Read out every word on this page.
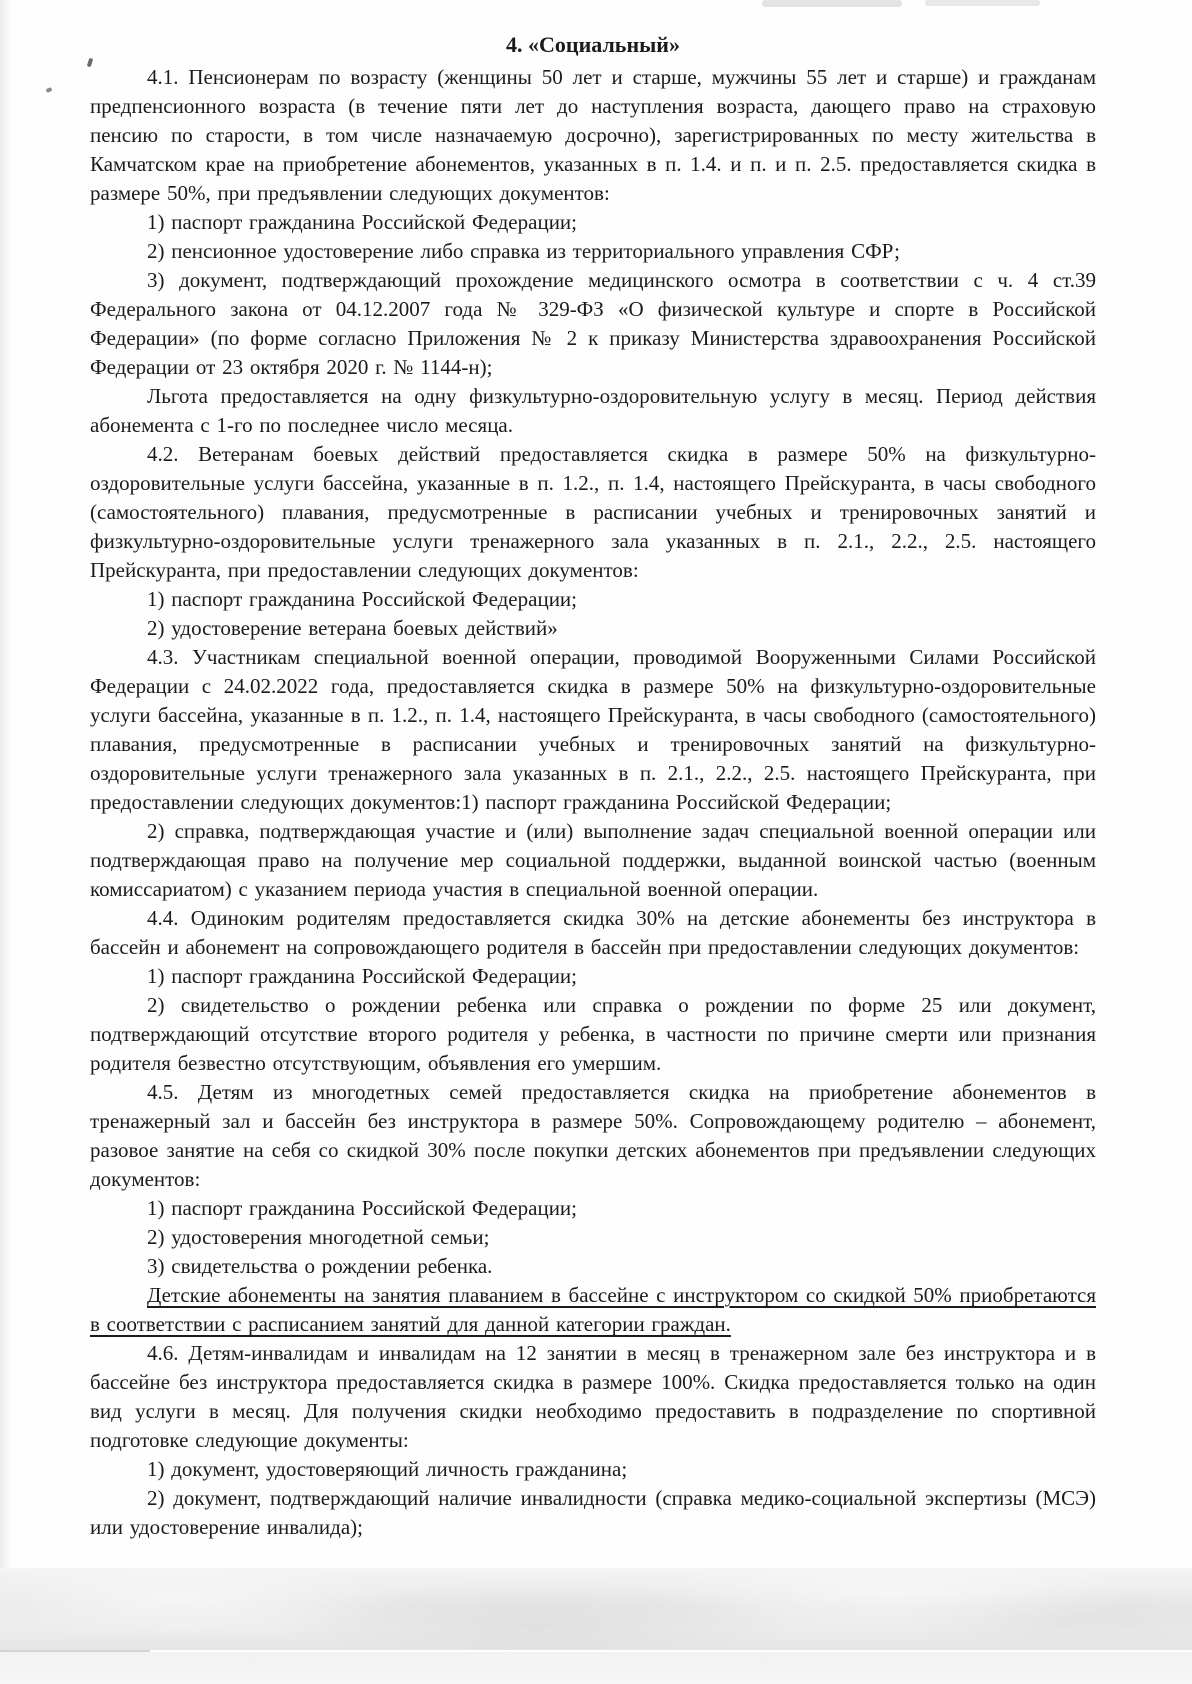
4. «Социальный»

4.1. Пенсионерам по возрасту (женщины 50 лет и старше, мужчины 55 лет и старше) и гражданам предпенсионного возраста (в течение пяти лет до наступления возраста, дающего право на страховую пенсию по старости, в том числе назначаемую досрочно), зарегистрированных по месту жительства в Камчатском крае на приобретение абонементов, указанных в п. 1.4. и п. и п. 2.5. предоставляется скидка в размере 50%, при предъявлении следующих документов:

1) паспорт гражданина Российской Федерации;

2) пенсионное удостоверение либо справка из территориального управления СФР;

3) документ, подтверждающий прохождение медицинского осмотра в соответствии с ч. 4 ст.39 Федерального закона от 04.12.2007 года № 329-ФЗ «О физической культуре и спорте в Российской Федерации» (по форме согласно Приложения № 2 к приказу Министерства здравоохранения Российской Федерации от 23 октября 2020 г. № 1144-н);

Льгота предоставляется на одну физкультурно-оздоровительную услугу в месяц. Период действия абонемента с 1-го по последнее число месяца.

4.2. Ветеранам боевых действий предоставляется скидка в размере 50% на физкультурно-оздоровительные услуги бассейна, указанные в п. 1.2., п. 1.4, настоящего Прейскуранта, в часы свободного (самостоятельного) плавания, предусмотренные в расписании учебных и тренировочных занятий и физкультурно-оздоровительные услуги тренажерного зала указанных в п. 2.1., 2.2., 2.5. настоящего Прейскуранта, при предоставлении следующих документов:

1) паспорт гражданина Российской Федерации;

2) удостоверение ветерана боевых действий»

4.3. Участникам специальной военной операции, проводимой Вооруженными Силами Российской Федерации с 24.02.2022 года, предоставляется скидка в размере 50% на физкультурно-оздоровительные услуги бассейна, указанные в п. 1.2., п. 1.4, настоящего Прейскуранта, в часы свободного (самостоятельного) плавания, предусмотренные в расписании учебных и тренировочных занятий на физкультурно-оздоровительные услуги тренажерного зала указанных в п. 2.1., 2.2., 2.5. настоящего Прейскуранта, при предоставлении следующих документов:1) паспорт гражданина Российской Федерации;

2) справка, подтверждающая участие и (или) выполнение задач специальной военной операции или подтверждающая право на получение мер социальной поддержки, выданной воинской частью (военным комиссариатом) с указанием периода участия в специальной военной операции.

4.4. Одиноким родителям предоставляется скидка 30% на детские абонементы без инструктора в бассейн и абонемент на сопровождающего родителя в бассейн при предоставлении следующих документов:

1) паспорт гражданина Российской Федерации;

2) свидетельство о рождении ребенка или справка о рождении по форме 25 или документ, подтверждающий отсутствие второго родителя у ребенка, в частности по причине смерти или признания родителя безвестно отсутствующим, объявления его умершим.

4.5. Детям из многодетных семей предоставляется скидка на приобретение абонементов в тренажерный зал и бассейн без инструктора в размере 50%. Сопровождающему родителю – абонемент, разовое занятие на себя со скидкой 30% после покупки детских абонементов при предъявлении следующих документов:

1) паспорт гражданина Российской Федерации;

2) удостоверения многодетной семьи;

3) свидетельства о рождении ребенка.

Детские абонементы на занятия плаванием в бассейне с инструктором со скидкой 50% приобретаются в соответствии с расписанием занятий для данной категории граждан.

4.6. Детям-инвалидам и инвалидам на 12 занятии в месяц в тренажерном зале без инструктора и в бассейне без инструктора предоставляется скидка в размере 100%. Скидка предоставляется только на один вид услуги в месяц. Для получения скидки необходимо предоставить в подразделение по спортивной подготовке следующие документы:

1) документ, удостоверяющий личность гражданина;

2) документ, подтверждающий наличие инвалидности (справка медико-социальной экспертизы (МСЭ) или удостоверение инвалида);
